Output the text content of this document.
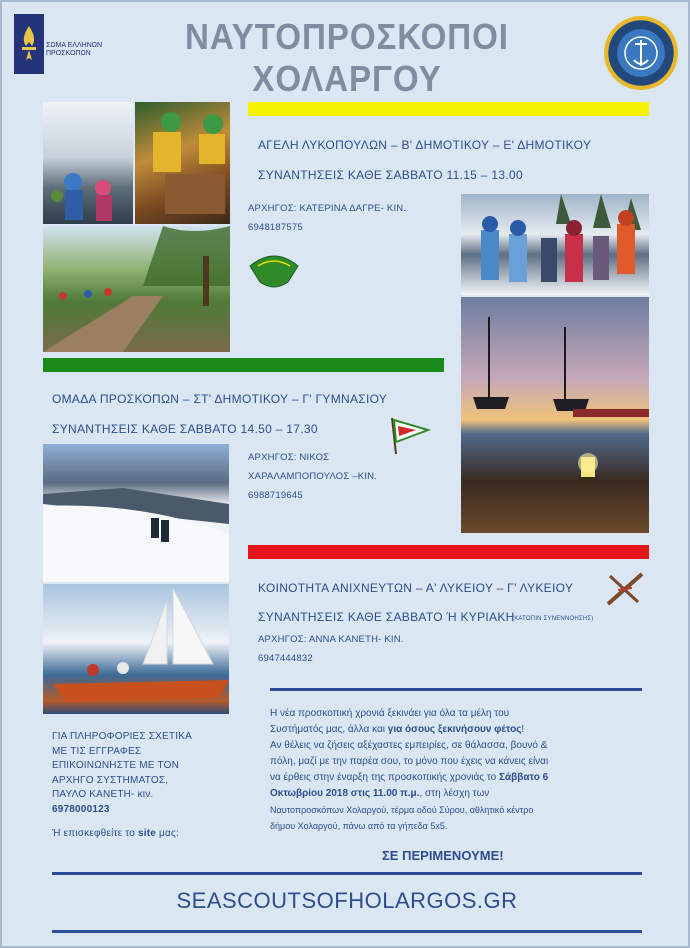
ΣΩΜΑ ΕΛΛΗΝΩΝ ΠΡΟΣΚΟΠΩΝ	ΝΑΥΤΟΠΡΟΣΚΟΠΟΙ ΧΟΛΑΡΓΟΥ
ΑΓΕΛΗ ΛΥΚΟΠΟΥΛΩΝ – Β' ΔΗΜΟΤΙΚΟΥ – Ε' ΔΗΜΟΤΙΚΟΥ
ΣΥΝΑΝΤΗΣΕΙΣ ΚΑΘΕ ΣΑΒΒΑΤΟ 11.15 – 13.00
ΑΡΧΗΓΟΣ: ΚΑΤΕΡΙΝΑ ΔΑΓΡΕ- ΚΙΝ.
6948187575
ΟΜΑΔΑ ΠΡΟΣΚΟΠΩΝ – ΣΤ' ΔΗΜΟΤΙΚΟΥ – Γ' ΓΥΜΝΑΣΙΟΥ
ΣΥΝΑΝΤΗΣΕΙΣ ΚΑΘΕ ΣΑΒΒΑΤΟ 14.50 – 17.30
ΑΡΧΗΓΟΣ: ΝΙΚΟΣ
ΧΑΡΑΛΑΜΠΟΠΟΥΛΟΣ –ΚΙΝ.
6988719645
ΚΟΙΝΟΤΗΤΑ ΑΝΙΧΝΕΥΤΩΝ – Α' ΛΥΚΕΙΟΥ – Γ' ΛΥΚΕΙΟΥ
ΣΥΝΑΝΤΗΣΕΙΣ ΚΑΘΕ ΣΑΒΒΑΤΟ Ή ΚΥΡΙΑΚΗ
(ΚΑΤΟΠΙΝ ΣΥΝΕΝΝΟΗΣΗΣ)
ΑΡΧΗΓΟΣ: ΑΝΝΑ ΚΑΝΕΤΗ- ΚΙΝ.
6947444832
Η νέα προσκοπική χρονιά ξεκινάει για όλα τα μέλη του
Συστήματός μας, άλλα και για όσους ξεκινήσουν φέτος!
Αν θέλεις να ζήσεις αξέχαστες εμπειρίες, σε θάλασσα, βουνό &
πόλη, μαζί με την παρέα σου, το μόνο που έχεις να κάνεις είναι
να έρθεις στην έναρξη της προσκοπικής χρονιάς το Σάββατο 6
Οκτωβρίου 2018 στις 11.00 π.μ., στη λέσχη των
Ναυτοπροσκόπων Χολαργού, τέρμα οδού Σύρου, αθλητικό κέντρο
δήμου Χολαργού, πάνω από τα γήπεδα 5x5.
ΣΕ ΠΕΡΙΜΕΝΟΥΜΕ!
ΓΙΑ ΠΛΗΡΟΦΟΡΙΕΣ ΣΧΕΤΙΚΑ
ΜΕ ΤΙΣ ΕΓΓΡΑΦΕΣ
ΕΠΙΚΟΙΝΩΝΗΣΤΕ ΜΕ ΤΟΝ
ΑΡΧΗΓΟ ΣΥΣΤΗΜΑΤΟΣ,
ΠΑΥΛΟ ΚΑΝΕΤΗ- κιν.
6978000123
Ή επισκεφθείτε το site μας:
SEASCOUTSOFHOLARGOS.GR
